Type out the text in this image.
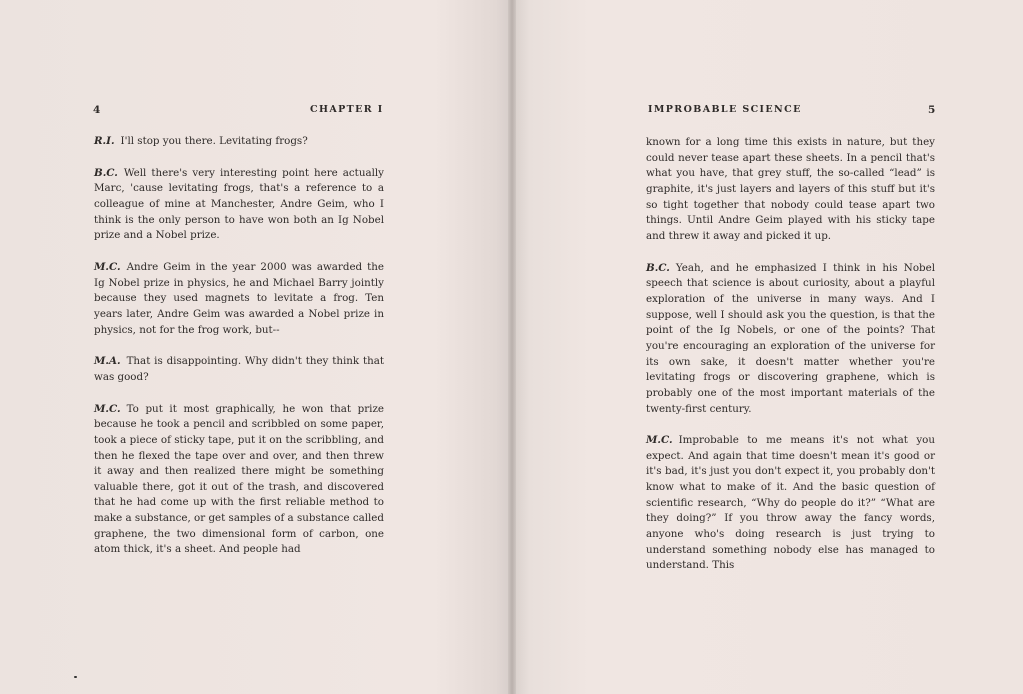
4	CHAPTER I

R.I. I'll stop you there. Levitating frogs?

B.C. Well there's very interesting point here actually Marc, 'cause levitating frogs, that's a reference to a colleague of mine at Manchester, Andre Geim, who I think is the only person to have won both an Ig Nobel prize and a Nobel prize.

M.C. Andre Geim in the year 2000 was awarded the Ig Nobel prize in physics, he and Michael Barry jointly because they used magnets to levitate a frog. Ten years later, Andre Geim was awarded a Nobel prize in physics, not for the frog work, but--

M.A. That is disappointing. Why didn't they think that was good?

M.C. To put it most graphically, he won that prize because he took a pencil and scribbled on some paper, took a piece of sticky tape, put it on the scribbling, and then he flexed the tape over and over, and then threw it away and then realized there might be something valuable there, got it out of the trash, and discovered that he had come up with the first reliable method to make a substance, or get samples of a substance called graphene, the two dimensional form of carbon, one atom thick, it's a sheet. And people had

IMPROBABLE SCIENCE	5

known for a long time this exists in nature, but they could never tease apart these sheets. In a pencil that's what you have, that grey stuff, the so-called “lead” is graphite, it's just layers and layers of this stuff but it's so tight together that nobody could tease apart two things. Until Andre Geim played with his sticky tape and threw it away and picked it up.

B.C. Yeah, and he emphasized I think in his Nobel speech that science is about curiosity, about a playful exploration of the universe in many ways. And I suppose, well I should ask you the question, is that the point of the Ig Nobels, or one of the points? That you're encouraging an exploration of the universe for its own sake, it doesn't matter whether you're levitating frogs or discovering graphene, which is probably one of the most important materials of the twenty-first century.

M.C. Improbable to me means it's not what you expect. And again that time doesn't mean it's good or it's bad, it's just you don't expect it, you probably don't know what to make of it. And the basic question of scientific research, “Why do people do it?” “What are they doing?” If you throw away the fancy words, anyone who's doing research is just trying to understand something nobody else has managed to understand. This
